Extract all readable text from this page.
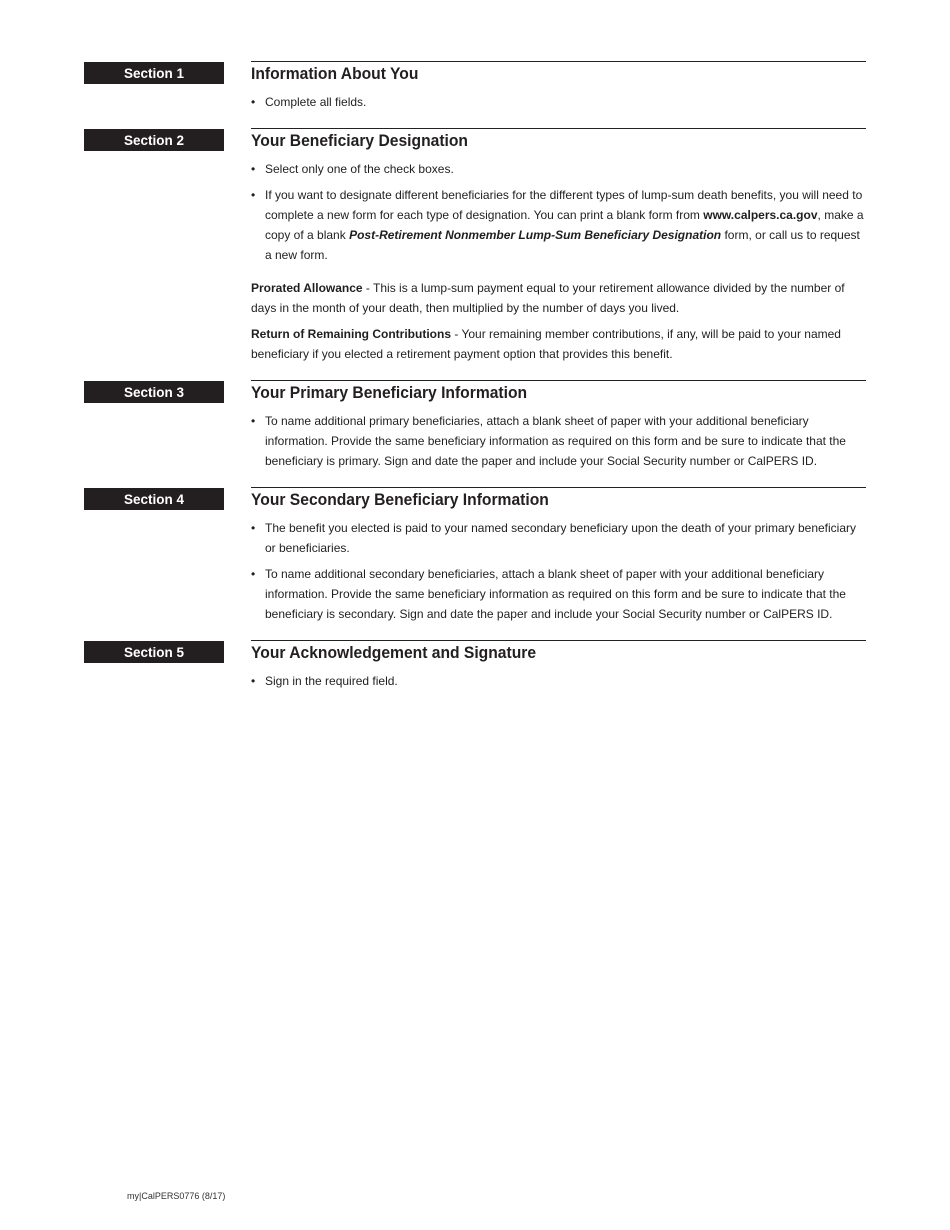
Section 1	Information About You
• Complete all fields.
Section 2	Your Beneficiary Designation
• Select only one of the check boxes.
• If you want to designate different beneficiaries for the different types of lump-sum death benefits, you will need to complete a new form for each type of designation. You can print a blank form from www.calpers.ca.gov, make a copy of a blank Post-Retirement Nonmember Lump-Sum Beneficiary Designation form, or call us to request a new form.

Prorated Allowance - This is a lump-sum payment equal to your retirement allowance divided by the number of days in the month of your death, then multiplied by the number of days you lived.

Return of Remaining Contributions - Your remaining member contributions, if any, will be paid to your named beneficiary if you elected a retirement payment option that provides this benefit.

Section 3	Your Primary Beneficiary Information
• To name additional primary beneficiaries, attach a blank sheet of paper with your additional beneficiary information. Provide the same beneficiary information as required on this form and be sure to indicate that the beneficiary is primary. Sign and date the paper and include your Social Security number or CalPERS ID.
Section 4	Your Secondary Beneficiary Information
• The benefit you elected is paid to your named secondary beneficiary upon the death of your primary beneficiary or beneficiaries.
• To name additional secondary beneficiaries, attach a blank sheet of paper with your additional beneficiary information. Provide the same beneficiary information as required on this form and be sure to indicate that the beneficiary is secondary. Sign and date the paper and include your Social Security number or CalPERS ID.
Section 5	Your Acknowledgement and Signature
• Sign in the required field.
my|CalPERS0776 (8/17)
